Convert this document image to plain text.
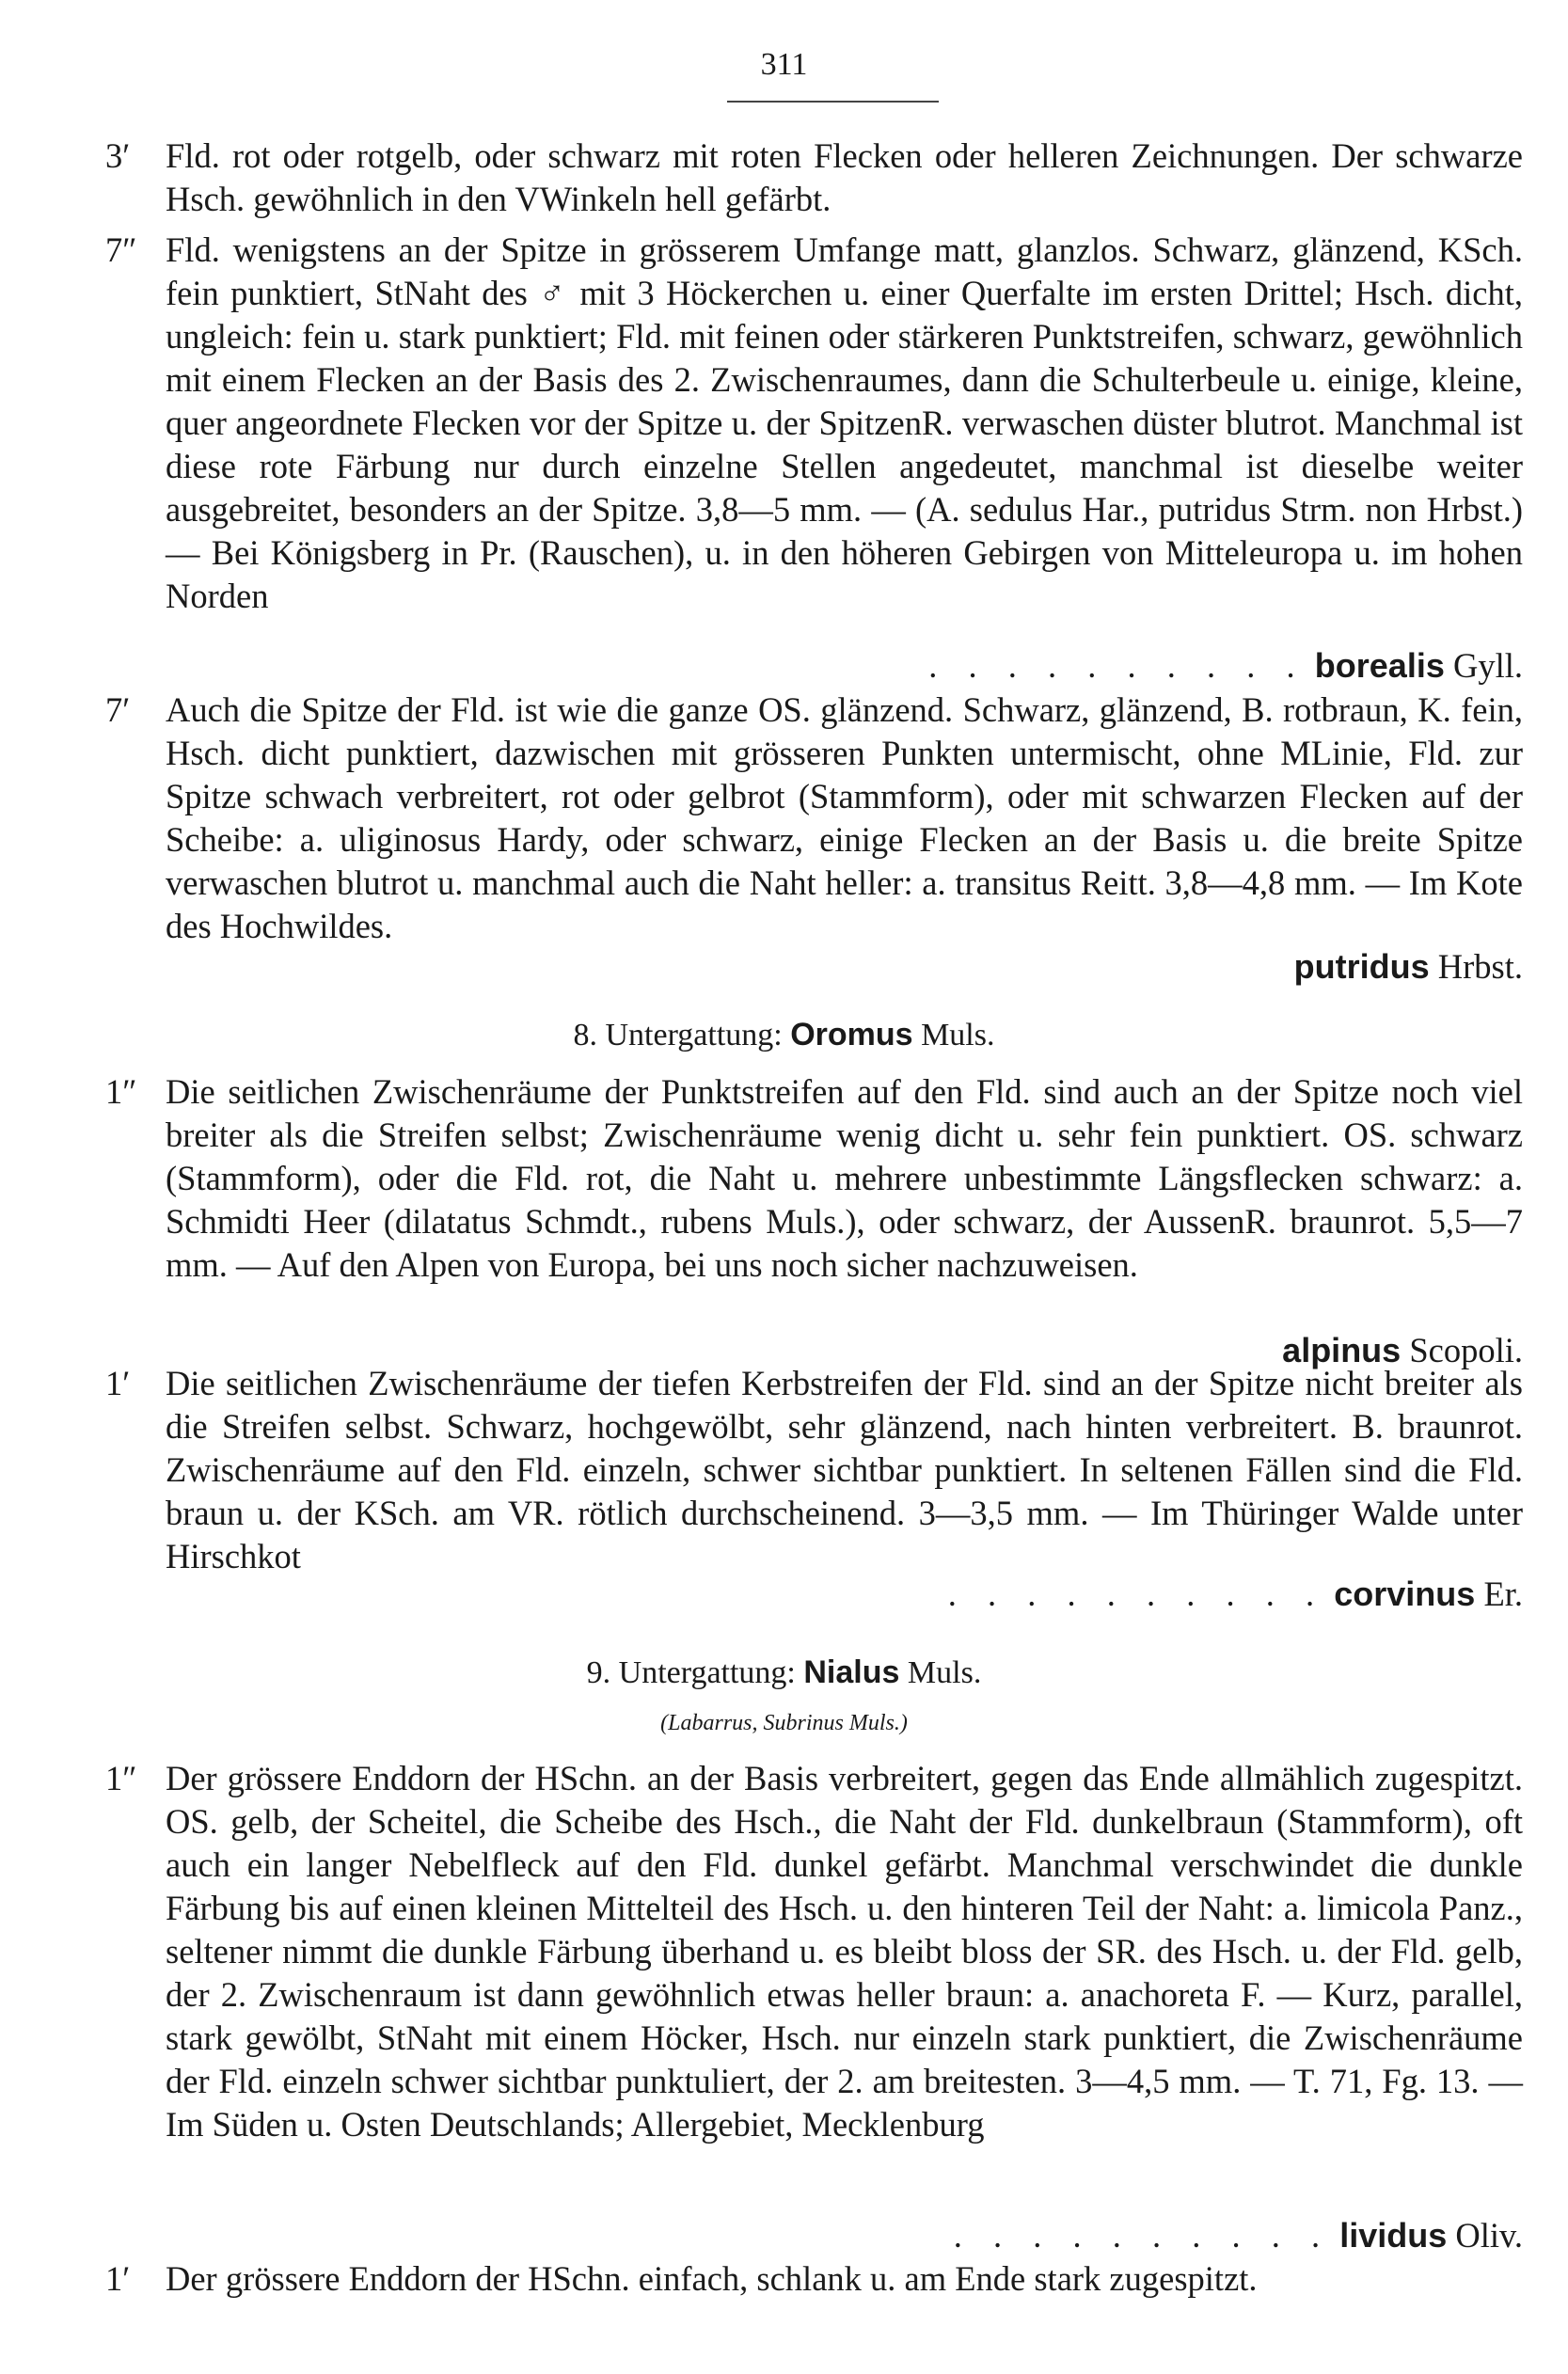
311
3′ Fld. rot oder rotgelb, oder schwarz mit roten Flecken oder helleren Zeichnungen. Der schwarze Hsch. gewöhnlich in den VWinkeln hell gefärbt.

7″ Fld. wenigstens an der Spitze in grösserem Umfange matt, glanzlos. Schwarz, glänzend, KSch. fein punktiert, StNaht des ♂ mit 3 Höckerchen u. einer Querfalte im ersten Drittel; Hsch. dicht, ungleich: fein u. stark punktiert; Fld. mit feinen oder stärkeren Punktstreifen, schwarz, gewöhnlich mit einem Flecken an der Basis des 2. Zwischenraumes, dann die Schulterbeule u. einige, kleine, quer angeordnete Flecken vor der Spitze u. der SpitzenR. verwaschen düster blutrot. Manchmal ist diese rote Färbung nur durch einzelne Stellen angedeutet, manchmal ist dieselbe weiter ausgebreitet, besonders an der Spitze. 3,8—5 mm. — (A. sedulus Har., putridus Strm. non Hrbst.) — Bei Königsberg in Pr. (Rauschen), u. in den höheren Gebirgen von Mitteleuropa u. im hohen Norden

. . . . . . . . . . borealis Gyll.
7′ Auch die Spitze der Fld. ist wie die ganze OS. glänzend. Schwarz, glänzend, B. rotbraun, K. fein, Hsch. dicht punktiert, dazwischen mit grösseren Punkten untermischt, ohne MLinie, Fld. zur Spitze schwach verbreitert, rot oder gelbrot (Stammform), oder mit schwarzen Flecken auf der Scheibe: a. uliginosus Hardy, oder schwarz, einige Flecken an der Basis u. die breite Spitze verwaschen blutrot u. manchmal auch die Naht heller: a. transitus Reitt. 3,8—4,8 mm. — Im Kote des Hochwildes.

putridus Hrbst.
8. Untergattung: Oromus Muls.
1″ Die seitlichen Zwischenräume der Punktstreifen auf den Fld. sind auch an der Spitze noch viel breiter als die Streifen selbst; Zwischenräume wenig dicht u. sehr fein punktiert. OS. schwarz (Stammform), oder die Fld. rot, die Naht u. mehrere unbestimmte Längsflecken schwarz: a. Schmidti Heer (dilatatus Schmdt., rubens Muls.), oder schwarz, der AussenR. braunrot. 5,5—7 mm. — Auf den Alpen von Europa, bei uns noch sicher nachzuweisen.

alpinus Scopoli.
1′ Die seitlichen Zwischenräume der tiefen Kerbstreifen der Fld. sind an der Spitze nicht breiter als die Streifen selbst. Schwarz, hochgewölbt, sehr glänzend, nach hinten verbreitert. B. braunrot. Zwischenräume auf den Fld. einzeln, schwer sichtbar punktiert. In seltenen Fällen sind die Fld. braun u. der KSch. am VR. rötlich durchscheinend. 3—3,5 mm. — Im Thüringer Walde unter Hirschkot

. . . . . . . . . . corvinus Er.
9. Untergattung: Nialus Muls.
(Labarrus, Subrinus Muls.)
1″ Der grössere Enddorn der HSchn. an der Basis verbreitert, gegen das Ende allmählich zugespitzt. OS. gelb, der Scheitel, die Scheibe des Hsch., die Naht der Fld. dunkelbraun (Stammform), oft auch ein langer Nebelfleck auf den Fld. dunkel gefärbt. Manchmal verschwindet die dunkle Färbung bis auf einen kleinen Mittelteil des Hsch. u. den hinteren Teil der Naht: a. limicola Panz., seltener nimmt die dunkle Färbung überhand u. es bleibt bloss der SR. des Hsch. u. der Fld. gelb, der 2. Zwischenraum ist dann gewöhnlich etwas heller braun: a. anachoreta F. — Kurz, parallel, stark gewölbt, StNaht mit einem Höcker, Hsch. nur einzeln stark punktiert, die Zwischenräume der Fld. einzeln schwer sichtbar punktuliert, der 2. am breitesten. 3—4,5 mm. — T. 71, Fg. 13. — Im Süden u. Osten Deutschlands; Allergebiet, Mecklenburg

. . . . . . . . . . lividus Oliv.
1′ Der grössere Enddorn der HSchn. einfach, schlank u. am Ende stark zugespitzt.
